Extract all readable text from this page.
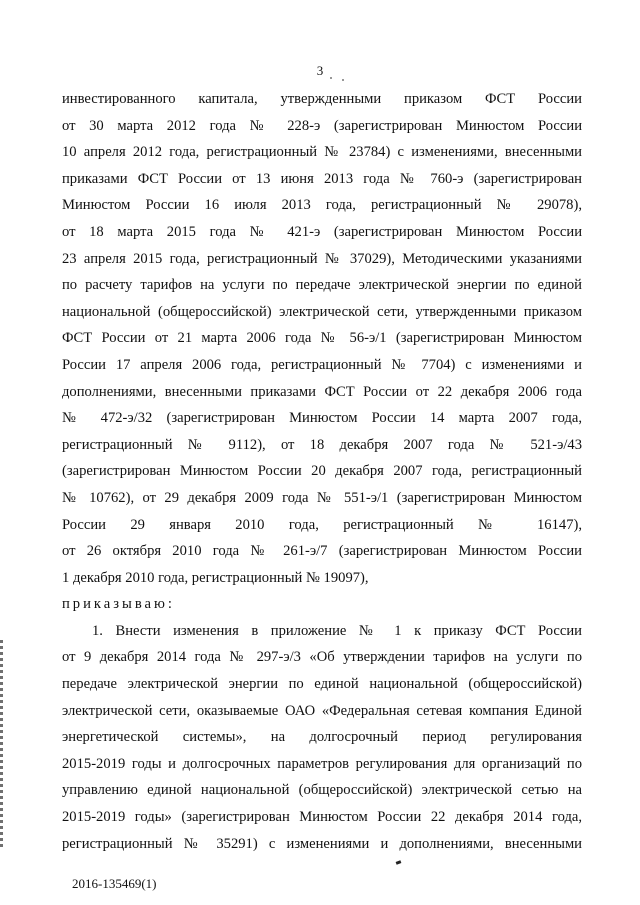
3
инвестированного капитала, утвержденными приказом ФСТ России
от 30 марта 2012 года № 228-э (зарегистрирован Минюстом России
10 апреля 2012 года, регистрационный № 23784) с изменениями, внесенными
приказами ФСТ России от 13 июня 2013 года № 760-э (зарегистрирован
Минюстом России 16 июля 2013 года, регистрационный № 29078),
от 18 марта 2015 года № 421-э (зарегистрирован Минюстом России
23 апреля 2015 года, регистрационный № 37029), Методическими указаниями
по расчету тарифов на услуги по передаче электрической энергии по единой
национальной (общероссийской) электрической сети, утвержденными приказом
ФСТ России от 21 марта 2006 года № 56-э/1 (зарегистрирован Минюстом
России 17 апреля 2006 года, регистрационный № 7704) с изменениями и
дополнениями, внесенными приказами ФСТ России от 22 декабря 2006 года
№ 472-э/32 (зарегистрирован Минюстом России 14 марта 2007 года,
регистрационный № 9112), от 18 декабря 2007 года № 521-э/43
(зарегистрирован Минюстом России 20 декабря 2007 года, регистрационный
№ 10762), от 29 декабря 2009 года № 551-э/1 (зарегистрирован Минюстом
России 29 января 2010 года, регистрационный № 16147),
от 26 октября 2010 года № 261-э/7 (зарегистрирован Минюстом России
1 декабря 2010 года, регистрационный № 19097),
приказываю:
1. Внести изменения в приложение № 1 к приказу ФСТ России
от 9 декабря 2014 года № 297-э/3 «Об утверждении тарифов на услуги по
передаче электрической энергии по единой национальной (общероссийской)
электрической сети, оказываемые ОАО «Федеральная сетевая компания Единой
энергетической системы», на долгосрочный период регулирования
2015-2019 годы и долгосрочных параметров регулирования для организаций по
управлению единой национальной (общероссийской) электрической сетью на
2015-2019 годы» (зарегистрирован Минюстом России 22 декабря 2014 года,
регистрационный № 35291) с изменениями и дополнениями, внесенными
2016-135469(1)
